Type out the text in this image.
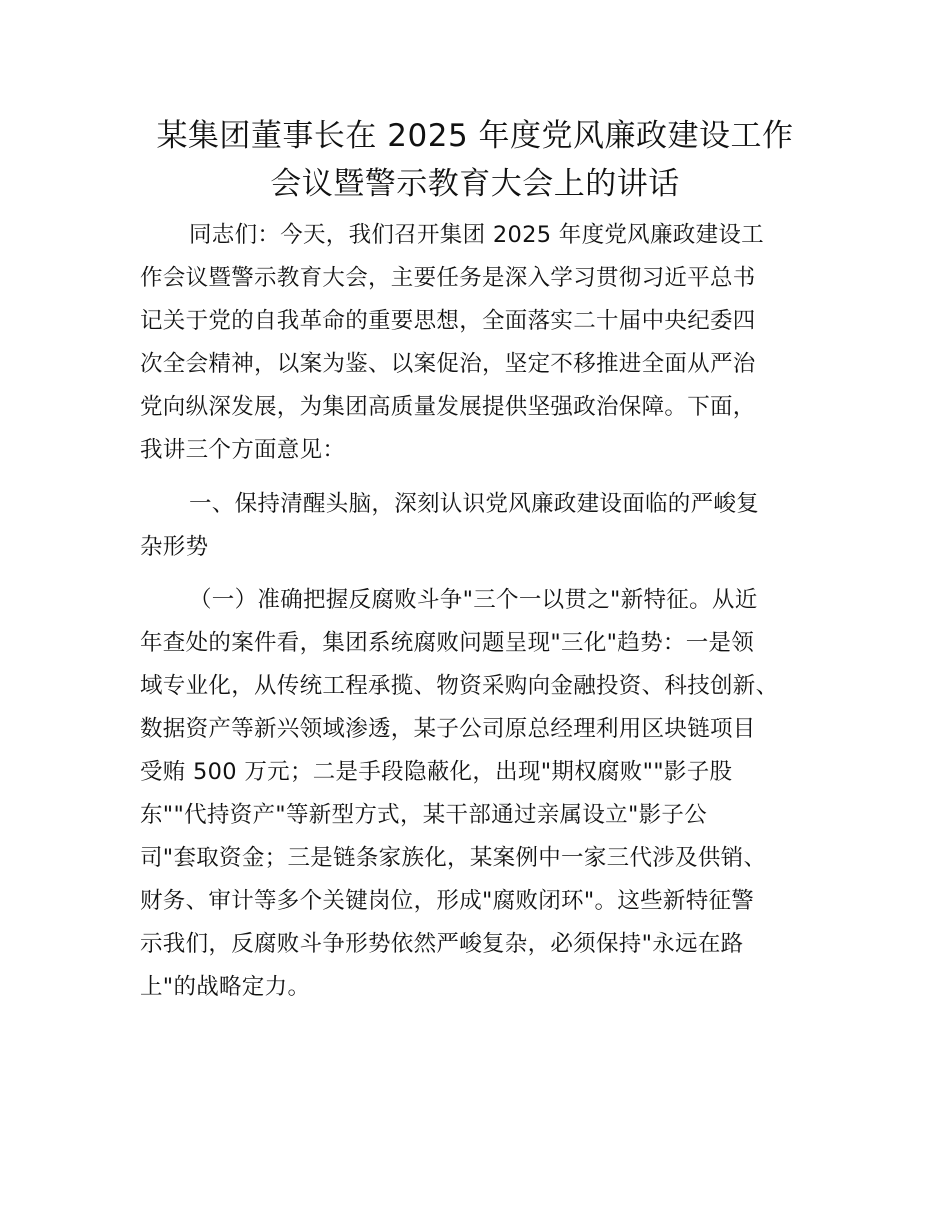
某集团董事长在 2025 年度党风廉政建设工作
会议暨警示教育大会上的讲话
同志们：今天，我们召开集团 2025 年度党风廉政建设工
作会议暨警示教育大会，主要任务是深入学习贯彻习近平总书
记关于党的自我革命的重要思想，全面落实二十届中央纪委四
次全会精神，以案为鉴、以案促治，坚定不移推进全面从严治
党向纵深发展，为集团高质量发展提供坚强政治保障。下面，
我讲三个方面意见：
一、保持清醒头脑，深刻认识党风廉政建设面临的严峻复
杂形势
（一）准确把握反腐败斗争"三个一以贯之"新特征。从近
年查处的案件看，集团系统腐败问题呈现"三化"趋势：一是领
域专业化，从传统工程承揽、物资采购向金融投资、科技创新、
数据资产等新兴领域渗透，某子公司原总经理利用区块链项目
受贿 500 万元；二是手段隐蔽化，出现"期权腐败""影子股
东""代持资产"等新型方式，某干部通过亲属设立"影子公
司"套取资金；三是链条家族化，某案例中一家三代涉及供销、
财务、审计等多个关键岗位，形成"腐败闭环"。这些新特征警
示我们，反腐败斗争形势依然严峻复杂，必须保持"永远在路
上"的战略定力。
